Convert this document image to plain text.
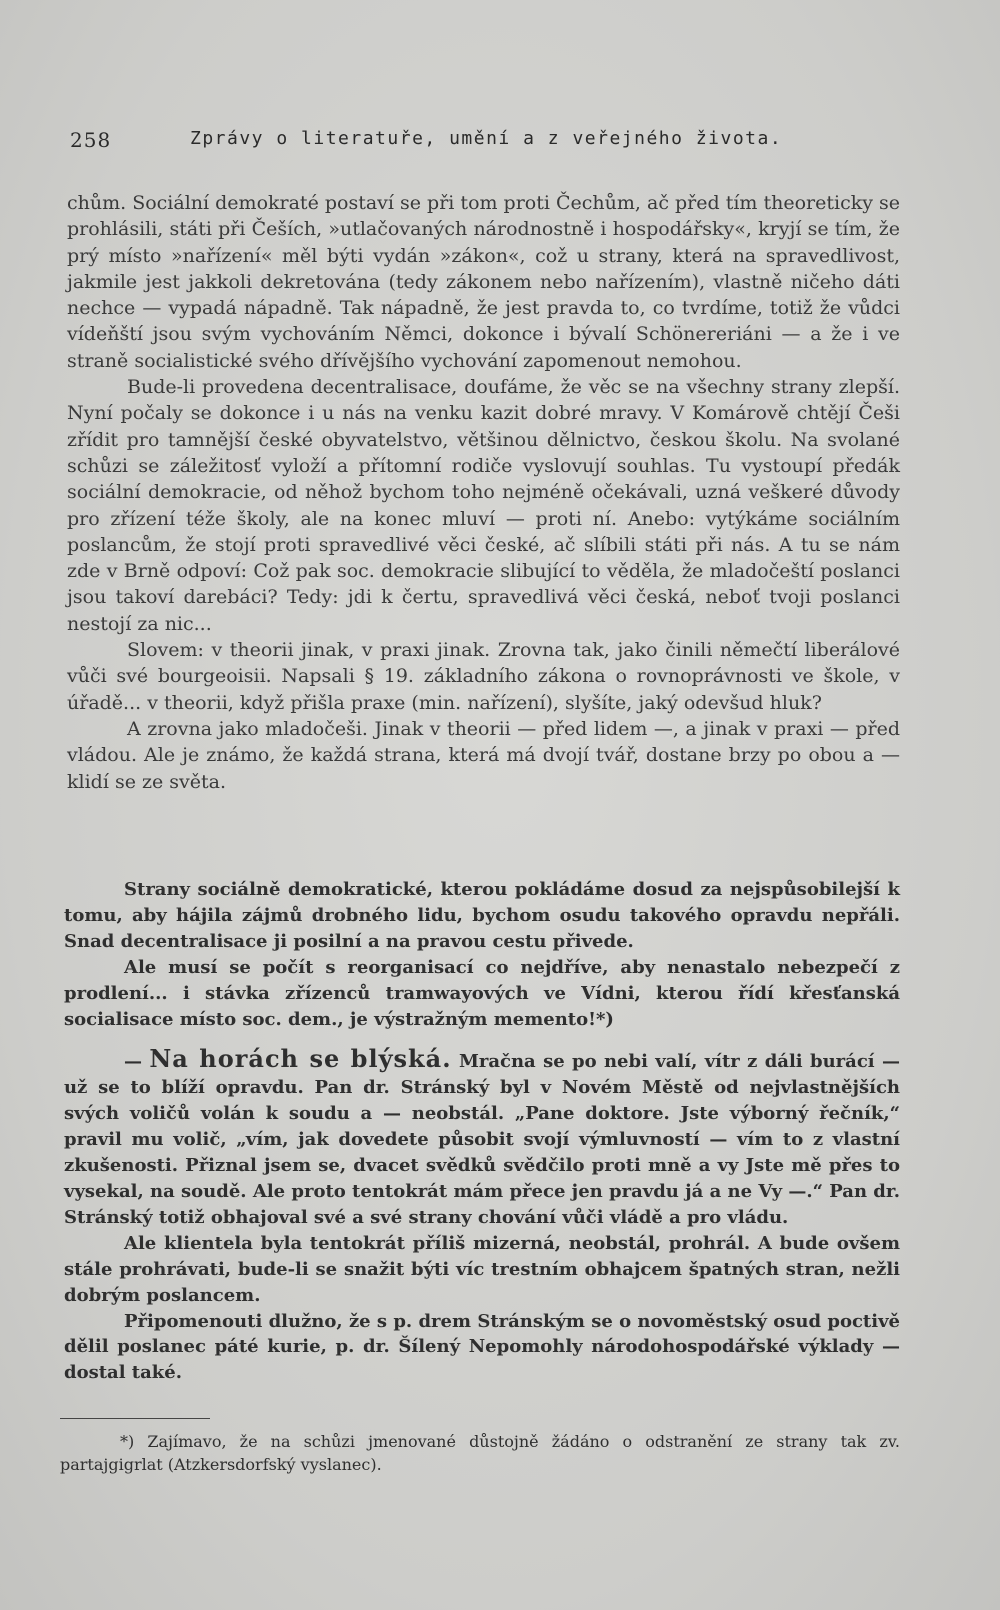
258	Zprávy o literatuře, umění a z veřejného života.

chům. Sociální demokraté postaví se při tom proti Čechům, ač před tím theoreticky se prohlásili, státi při Češích, »utlačovaných národnostně i hospodářsky«, kryjí se tím, že prý místo »nařízení« měl býti vydán »zákon«, což u strany, která na spravedlivost, jakmile jest jakkoli dekretována (tedy zákonem nebo nařízením), vlastně ničeho dáti nechce — vypadá nápadně. Tak nápadně, že jest pravda to, co tvrdíme, totiž že vůdci vídeňští jsou svým vychováním Němci, dokonce i bývalí Schönereriáni — a že i ve straně socialistické svého dřívějšího vychování zapomenout nemohou.

Bude-li provedena decentralisace, doufáme, že věc se na všechny strany zlepší. Nyní počaly se dokonce i u nás na venku kazit dobré mravy. V Komárově chtějí Češi zřídit pro tamnější české obyvatelstvo, většinou dělnictvo, českou školu. Na svolané schůzi se záležitosť vyloží a přítomní rodiče vyslovují souhlas. Tu vystoupí předák sociální demokracie, od něhož bychom toho nejméně očekávali, uzná veškeré důvody pro zřízení téže školy, ale na konec mluví — proti ní. Anebo: vytýkáme sociálním poslancům, že stojí proti spravedlivé věci české, ač slíbili státi při nás. A tu se nám zde v Brně odpoví: Což pak soc. demokracie slibující to věděla, že mladočeští poslanci jsou takoví darebáci? Tedy: jdi k čertu, spravedlivá věci česká, neboť tvoji poslanci nestojí za nic...

Slovem: v theorii jinak, v praxi jinak. Zrovna tak, jako činili němečtí liberálové vůči své bourgeoisii. Napsali § 19. základního zákona o rovnoprávnosti ve škole, v úřadě... v theorii, když přišla praxe (min. nařízení), slyšíte, jaký odevšud hluk?

A zrovna jako mladočeši. Jinak v theorii — před lidem —, a jinak v praxi — před vládou. Ale je známo, že každá strana, která má dvojí tvář, dostane brzy po obou a — klidí se ze světa.

Strany sociálně demokratické, kterou pokládáme dosud za nejspůsobilejší k tomu, aby hájila zájmů drobného lidu, bychom osudu takového opravdu nepřáli. Snad decentralisace ji posilní a na pravou cestu přivede.

Ale musí se počít s reorganisací co nejdříve, aby nenastalo nebezpečí z prodlení... i stávka zřízenců tramwayových ve Vídni, kterou řídí křesťanská socialisace místo soc. dem., je výstražným memento!*)

— Na horách se blýská. Mračna se po nebi valí, vítr z dáli burácí — už se to blíží opravdu. Pan dr. Stránský byl v Novém Městě od nejvlastnějších svých voličů volán k soudu a — neobstál. „Pane doktore. Jste výborný řečník,“ pravil mu volič, „vím, jak dovedete působit svojí výmluvností — vím to z vlastní zkušenosti. Přiznal jsem se, dvacet svědků svědčilo proti mně a vy Jste mě přes to vysekal, na soudě. Ale proto tentokrát mám přece jen pravdu já a ne Vy —.“ Pan dr. Stránský totiž obhajoval své a své strany chování vůči vládě a pro vládu.

Ale klientela byla tentokrát příliš mizerná, neobstál, prohrál. A bude ovšem stále prohrávati, bude-li se snažit býti víc trestním obhajcem špatných stran, nežli dobrým poslancem.

Připomenouti dlužno, že s p. drem Stránským se o novoměstský osud poctivě dělil poslanec páté kurie, p. dr. Šílený Nepomohly národohospodářské výklady — dostal také.

*) Zajímavo, že na schůzi jmenované důstojně žádáno o odstranění ze strany tak zv. partajgigrlat (Atzkersdorfský vyslanec).
